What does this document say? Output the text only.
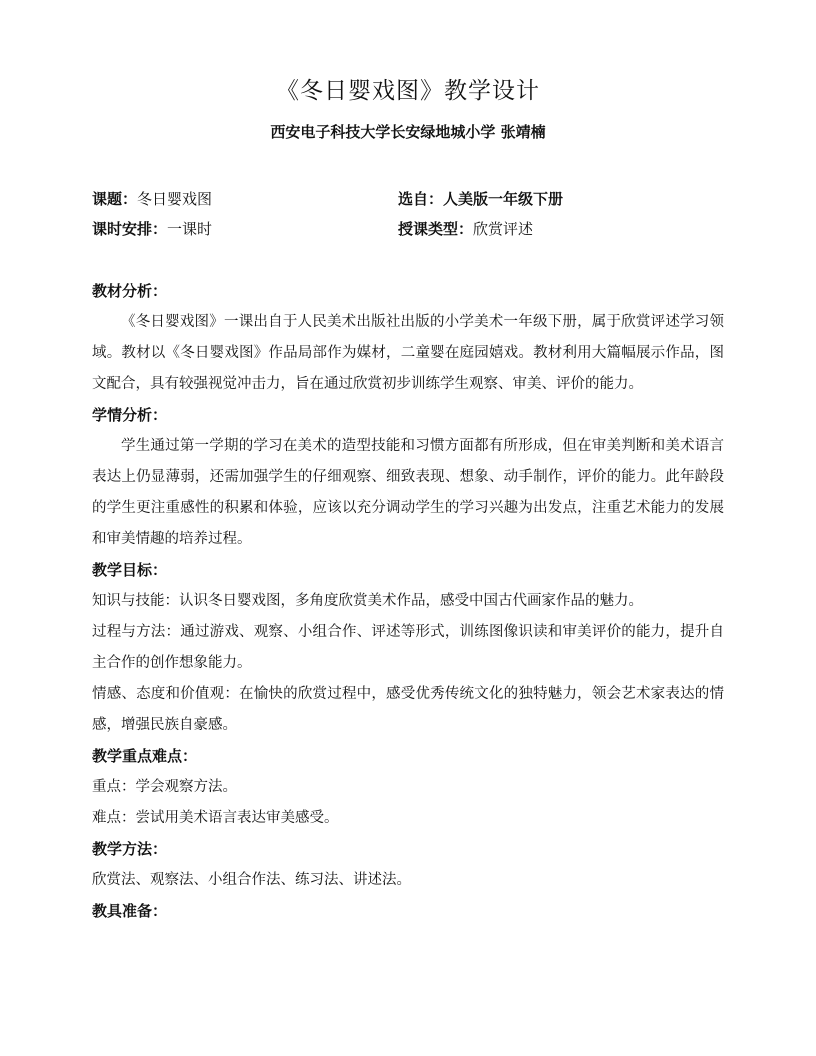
《冬日婴戏图》教学设计
西安电子科技大学长安绿地城小学 张靖楠
课题：冬日婴戏图	选自：人美版一年级下册
课时安排：一课时	授课类型：欣赏评述
教材分析：

《冬日婴戏图》一课出自于人民美术出版社出版的小学美术一年级下册，属于欣赏评述学习领域。教材以《冬日婴戏图》作品局部作为媒材，二童婴在庭园嬉戏。教材利用大篇幅展示作品，图文配合，具有较强视觉冲击力，旨在通过欣赏初步训练学生观察、审美、评价的能力。

学情分析：

学生通过第一学期的学习在美术的造型技能和习惯方面都有所形成，但在审美判断和美术语言表达上仍显薄弱，还需加强学生的仔细观察、细致表现、想象、动手制作，评价的能力。此年龄段的学生更注重感性的积累和体验，应该以充分调动学生的学习兴趣为出发点，注重艺术能力的发展和审美情趣的培养过程。

教学目标：

知识与技能：认识冬日婴戏图，多角度欣赏美术作品，感受中国古代画家作品的魅力。

过程与方法：通过游戏、观察、小组合作、评述等形式，训练图像识读和审美评价的能力，提升自主合作的创作想象能力。

情感、态度和价值观：在愉快的欣赏过程中，感受优秀传统文化的独特魅力，领会艺术家表达的情感，增强民族自豪感。

教学重点难点：

重点：学会观察方法。

难点：尝试用美术语言表达审美感受。

教学方法：

欣赏法、观察法、小组合作法、练习法、讲述法。

教具准备：
